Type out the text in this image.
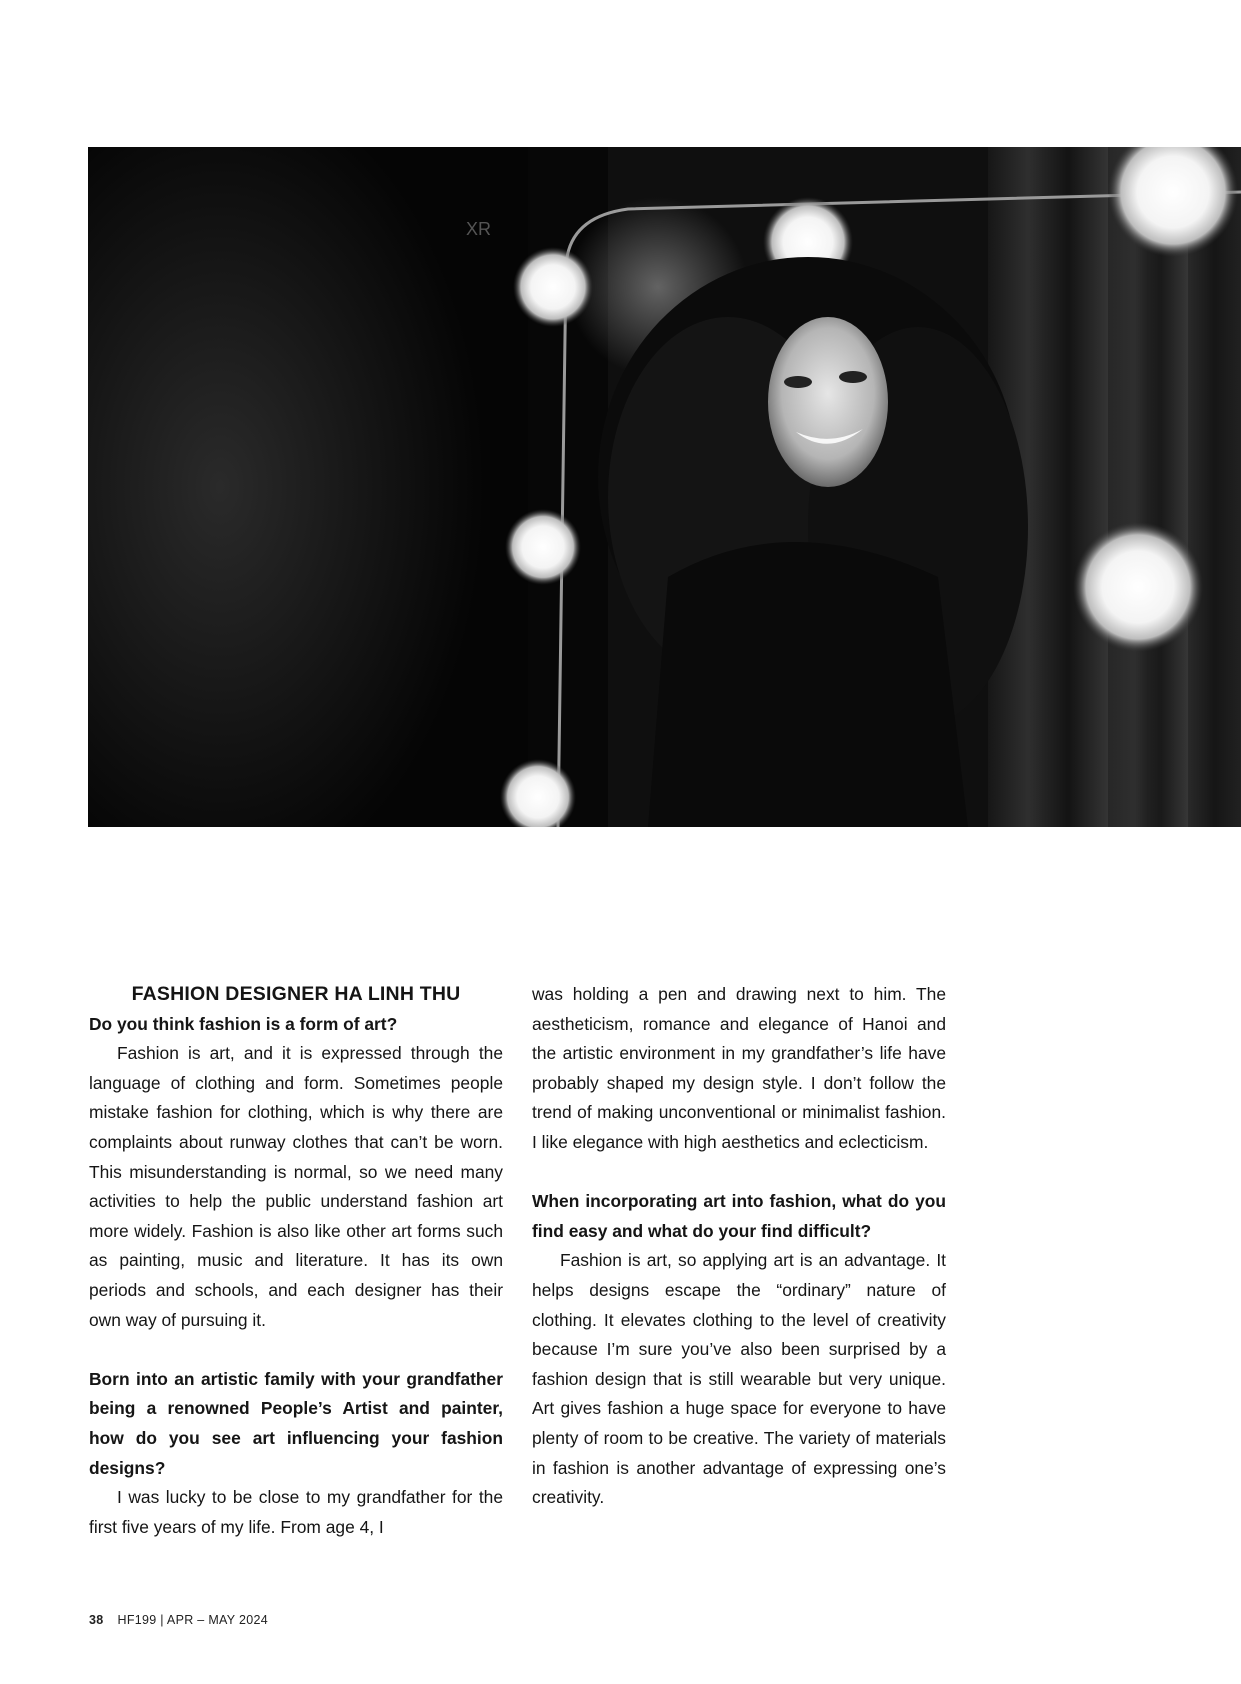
XR

FASHION DESIGNER HA LINH THU

Do you think fashion is a form of art?

Fashion is art, and it is expressed through the language of clothing and form. Sometimes people mistake fashion for clothing, which is why there are complaints about runway clothes that can’t be worn. This misunderstanding is normal, so we need many activities to help the public understand fashion art more widely. Fashion is also like other art forms such as painting, music and literature. It has its own periods and schools, and each designer has their own way of pursuing it.

Born into an artistic family with your grandfather being a renowned People’s Artist and painter, how do you see art influencing your fashion designs?

I was lucky to be close to my grandfather for the first five years of my life. From age 4, I

was holding a pen and drawing next to him. The aestheticism, romance and elegance of Hanoi and the artistic environment in my grandfather’s life have probably shaped my design style. I don’t follow the trend of making unconventional or minimalist fashion. I like elegance with high aesthetics and eclecticism.

When incorporating art into fashion, what do you find easy and what do your find difficult?

Fashion is art, so applying art is an advantage. It helps designs escape the “ordinary” nature of clothing. It elevates clothing to the level of creativity because I’m sure you’ve also been surprised by a fashion design that is still wearable but very unique. Art gives fashion a huge space for everyone to have plenty of room to be creative. The variety of materials in fashion is another advantage of expressing one’s creativity.

38 HF199 | APR – MAY 2024
